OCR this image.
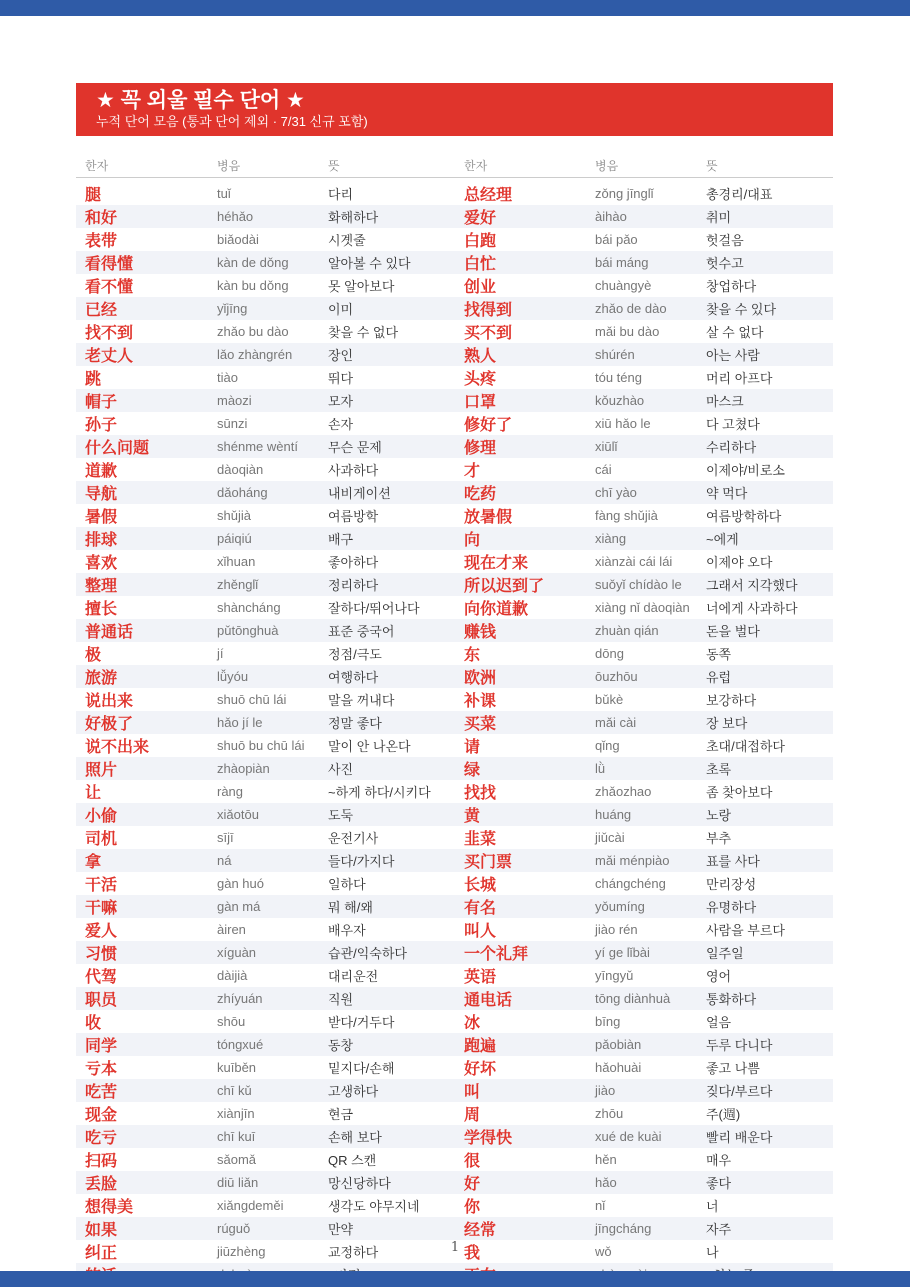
★ 꼭 외울 필수 단어 ★
누적 단어 모음 (통과 단어 제외 · 7/31 신규 포함)
한자	병음	뜻	한자	병음	뜻
腿	tuǐ	다리	总经理	zǒng jīnglǐ	총경리/대표
和好	héhǎo	화해하다	爱好	àihào	취미
表带	biǎodài	시곗줄	白跑	bái pǎo	헛걸음
看得懂	kàn de dǒng	알아볼 수 있다	白忙	bái máng	헛수고
看不懂	kàn bu dǒng	못 알아보다	创业	chuàngyè	창업하다
已经	yǐjīng	이미	找得到	zhǎo de dào	찾을 수 있다
找不到	zhǎo bu dào	찾을 수 없다	买不到	mǎi bu dào	살 수 없다
老丈人	lǎo zhàngrén	장인	熟人	shúrén	아는 사람
跳	tiào	뛰다	头疼	tóu téng	머리 아프다
帽子	màozi	모자	口罩	kǒuzhào	마스크
孙子	sūnzi	손자	修好了	xiū hǎo le	다 고쳤다
什么问题	shénme wèntí	무슨 문제	修理	xiūlǐ	수리하다
道歉	dàoqiàn	사과하다	才	cái	이제야/비로소
导航	dǎoháng	내비게이션	吃药	chī yào	약 먹다
暑假	shǔjià	여름방학	放暑假	fàng shǔjià	여름방학하다
排球	páiqiú	배구	向	xiàng	~에게
喜欢	xǐhuan	좋아하다	现在才来	xiànzài cái lái	이제야 오다
整理	zhěnglǐ	정리하다	所以迟到了	suǒyǐ chídào le	그래서 지각했다
擅长	shàncháng	잘하다/뛰어나다	向你道歉	xiàng nǐ dàoqiàn	너에게 사과하다
普通话	pǔtōnghuà	표준 중국어	赚钱	zhuàn qián	돈을 벌다
极	jí	정점/극도	东	dōng	동쪽
旅游	lǚyóu	여행하다	欧洲	ōuzhōu	유럽
说出来	shuō chū lái	말을 꺼내다	补课	bǔkè	보강하다
好极了	hǎo jí le	정말 좋다	买菜	mǎi cài	장 보다
说不出来	shuō bu chū lái	말이 안 나온다	请	qǐng	초대/대접하다
照片	zhàopiàn	사진	绿	lǜ	초록
让	ràng	~하게 하다/시키다	找找	zhǎozhao	좀 찾아보다
小偷	xiǎotōu	도둑	黄	huáng	노랑
司机	sījī	운전기사	韭菜	jiǔcài	부추
拿	ná	들다/가지다	买门票	mǎi ménpiào	표를 사다
干活	gàn huó	일하다	长城	chángchéng	만리장성
干嘛	gàn má	뭐 해/왜	有名	yǒumíng	유명하다
爱人	àiren	배우자	叫人	jiào rén	사람을 부르다
习惯	xíguàn	습관/익숙하다	一个礼拜	yí ge lǐbài	일주일
代驾	dàijià	대리운전	英语	yīngyǔ	영어
职员	zhíyuán	직원	通电话	tōng diànhuà	통화하다
收	shōu	받다/거두다	冰	bīng	얼음
同学	tóngxué	동창	跑遍	pǎobiàn	두루 다니다
亏本	kuīběn	밑지다/손해	好坏	hǎohuài	좋고 나쁨
吃苦	chī kǔ	고생하다	叫	jiào	짖다/부르다
现金	xiànjīn	현금	周	zhōu	주(週)
吃亏	chī kuī	손해 보다	学得快	xué de kuài	빨리 배운다
扫码	sǎomǎ	QR 스캔	很	hěn	매우
丢脸	diū liǎn	망신당하다	好	hǎo	좋다
想得美	xiǎngdeměi	생각도 야무지네	你	nǐ	너
如果	rúguǒ	만약	经常	jīngcháng	자주
纠正	jiūzhèng	교정하다	我	wǒ	나

1
